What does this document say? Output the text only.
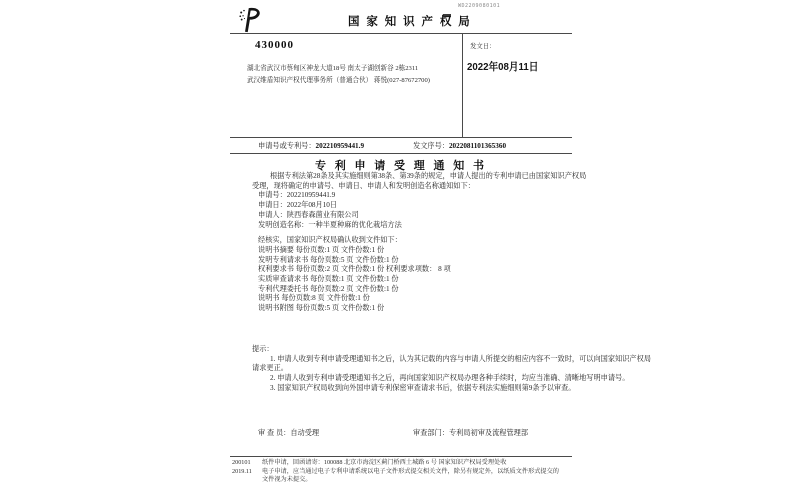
WD2209080101
国 家 知 识 产 权 局
430000
湖北省武汉市蔡甸区神龙大道18号 南太子湖创新谷 2栋2311
武汉维盾知识产权代理事务所（普通合伙） 蒋悦(027-87672700)
发文日：
2022年08月11日
申请号或专利号：202210959441.9	发文序号：2022081101365360
专 利 申 请 受 理 通 知 书
根据专利法第28条及其实施细则第38条、第39条的规定，申请人提出的专利申请已由国家知识产权局
受理，现将确定的申请号、申请日、申请人和发明创造名称通知如下：
申请号：202210959441.9
申请日：2022年08月10日
申请人：陕西春森菌业有限公司
发明创造名称：一种半夏种麻的优化栽培方法
经核实，国家知识产权局确认收到文件如下：
说明书摘要 每份页数:1 页 文件份数:1 份
发明专利请求书 每份页数:5 页 文件份数:1 份
权利要求书 每份页数:2 页 文件份数:1 份 权利要求项数： 8 项
实质审查请求书 每份页数:1 页 文件份数:1 份
专利代理委托书 每份页数:2 页 文件份数:1 份
说明书 每份页数:8 页 文件份数:1 份
说明书附图 每份页数:5 页 文件份数:1 份
提示：
1. 申请人收到专利申请受理通知书之后，认为其记载的内容与申请人所提交的相应内容不一致时，可以向国家知识产权局
请求更正。
2. 申请人收到专利申请受理通知书之后，再向国家知识产权局办理各种手续时，均应当准确、清晰地写明申请号。
3. 国家知识产权局收到向外国申请专利保密审查请求书后，依据专利法实施细则第9条予以审查。
审 查 员：自动受理	审查部门：专利局初审及流程管理部
200101	纸件申请，回函请寄：100088 北京市海淀区蓟门桥西土城路 6 号 国家知识产权局受理处收
2019.11	电子申请，应当通过电子专利申请系统以电子文件形式提交相关文件，除另有规定外，以纸质文件形式提交的
文件视为未提交。
